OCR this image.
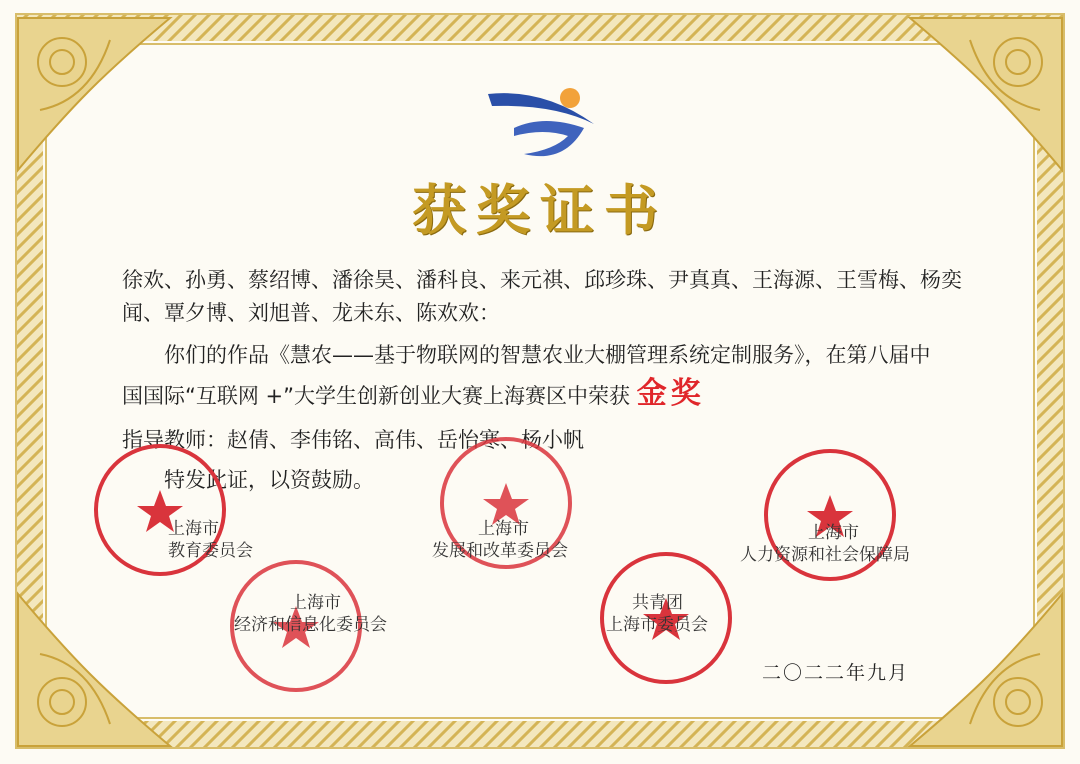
获奖证书
徐欢、孙勇、蔡绍博、潘徐昊、潘科良、来元祺、邱珍珠、尹真真、王海源、王雪梅、杨奕
闻、覃夕博、刘旭普、龙未东、陈欢欢：
你们的作品《慧农——基于物联网的智慧农业大棚管理系统定制服务》，在第八届中
国国际“互联网 +”大学生创新创业大赛上海赛区中荣获 金奖
指导教师：赵倩、李伟铭、高伟、岳怡寒、杨小帆
特发此证，以资鼓励。
上海市
教育委员会
上海市
发展和改革委员会
上海市
人力资源和社会保障局
上海市
经济和信息化委员会
共青团
上海市委员会
二〇二二年九月
